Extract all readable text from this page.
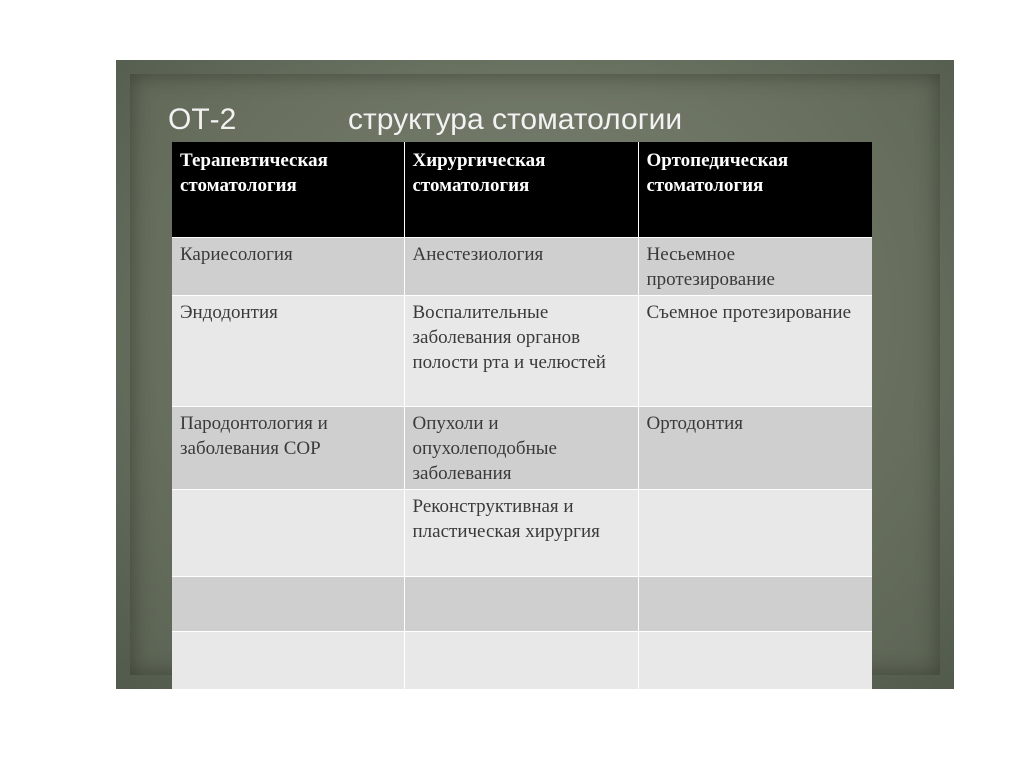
ОТ-2	структура стоматологии
Терапевтическая стоматология	Хирургическая стоматология	Ортопедическая стоматология
Кариесология	Анестезиология	Несьемное протезирование
Эндодонтия	Воспалительные заболевания органов полости рта и челюстей	Съемное протезирование
Пародонтология и заболевания СОР	Опухоли и опухолеподобные заболевания	Ортодонтия
	Реконструктивная и пластическая хирургия	
